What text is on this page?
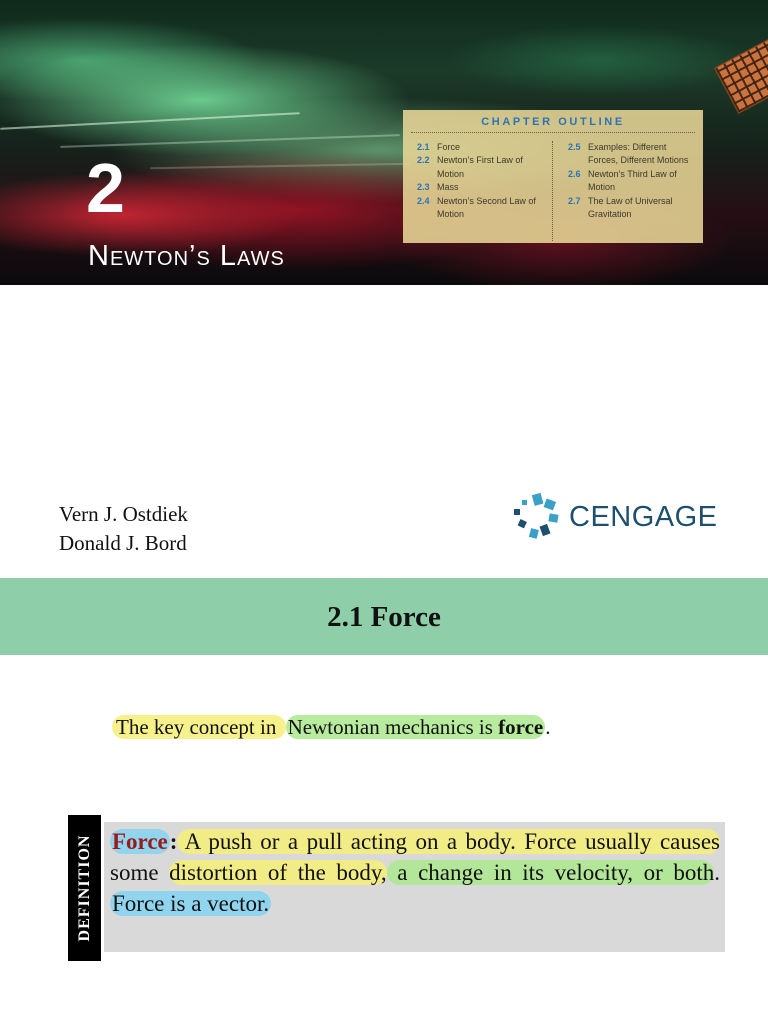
2
Newton’s Laws
CHAPTER OUTLINE
2.1 Force
2.2 Newton’s First Law of Motion
2.3 Mass
2.4 Newton’s Second Law of Motion
2.5 Examples: Different Forces, Different Motions
2.6 Newton’s Third Law of Motion
2.7 The Law of Universal Gravitation
Vern J. Ostdiek
Donald J. Bord
CENGAGE
2.1 Force
The key concept in Newtonian mechanics is force.
DEFINITION Force: A push or a pull acting on a body. Force usually causes some distortion of the body, a change in its velocity, or both. Force is a vector.
